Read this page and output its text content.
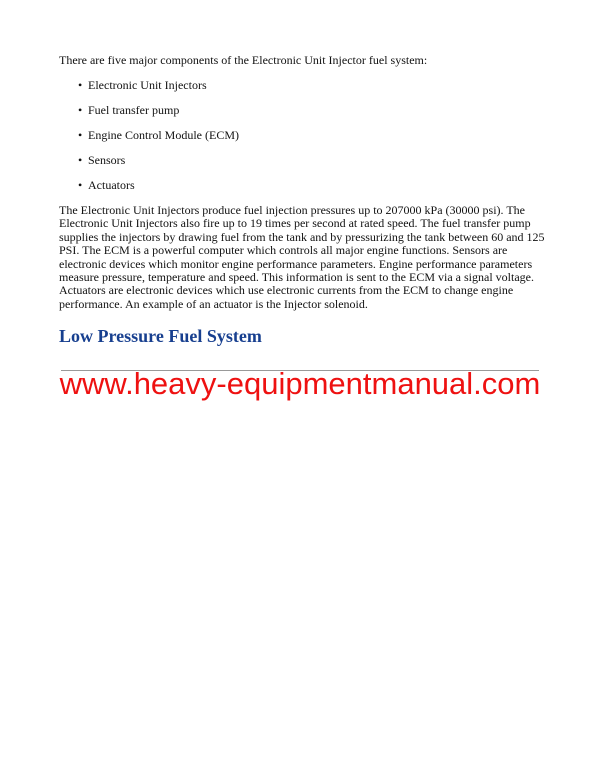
There are five major components of the Electronic Unit Injector fuel system:
• Electronic Unit Injectors
• Fuel transfer pump
• Engine Control Module (ECM)
• Sensors
• Actuators
The Electronic Unit Injectors produce fuel injection pressures up to 207000 kPa (30000 psi). The
Electronic Unit Injectors also fire up to 19 times per second at rated speed. The fuel transfer pump
supplies the injectors by drawing fuel from the tank and by pressurizing the tank between 60 and 125
PSI. The ECM is a powerful computer which controls all major engine functions. Sensors are
electronic devices which monitor engine performance parameters. Engine performance parameters
measure pressure, temperature and speed. This information is sent to the ECM via a signal voltage.
Actuators are electronic devices which use electronic currents from the ECM to change engine
performance. An example of an actuator is the Injector solenoid.
Low Pressure Fuel System
www.heavy-equipmentmanual.com
